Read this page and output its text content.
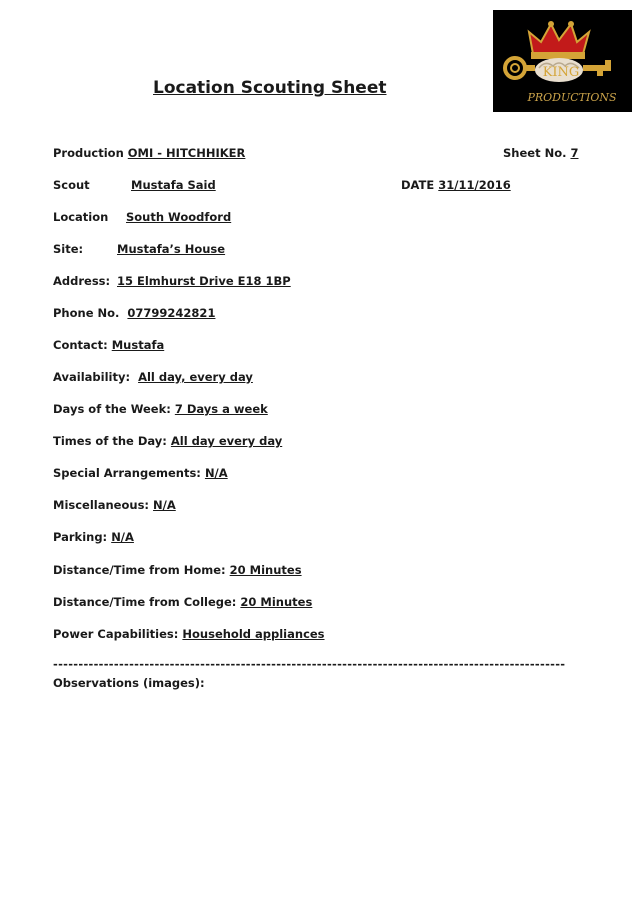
Location Scouting Sheet
KING
PRODUCTIONS
Production OMI - HITCHHIKER	Sheet No. 7
Scout	Mustafa Said	DATE 31/11/2016
Location South Woodford
Site:	Mustafa’s House
Address: 15 Elmhurst Drive E18 1BP
Phone No. 07799242821
Contact: Mustafa
Availability: All day, every day
Days of the Week: 7 Days a week
Times of the Day: All day every day
Special Arrangements: N/A
Miscellaneous: N/A
Parking: N/A
Distance/Time from Home: 20 Minutes
Distance/Time from College: 20 Minutes
Power Capabilities: Household appliances
-----------------------------------------------------------------------------------------------------
Observations (images):
